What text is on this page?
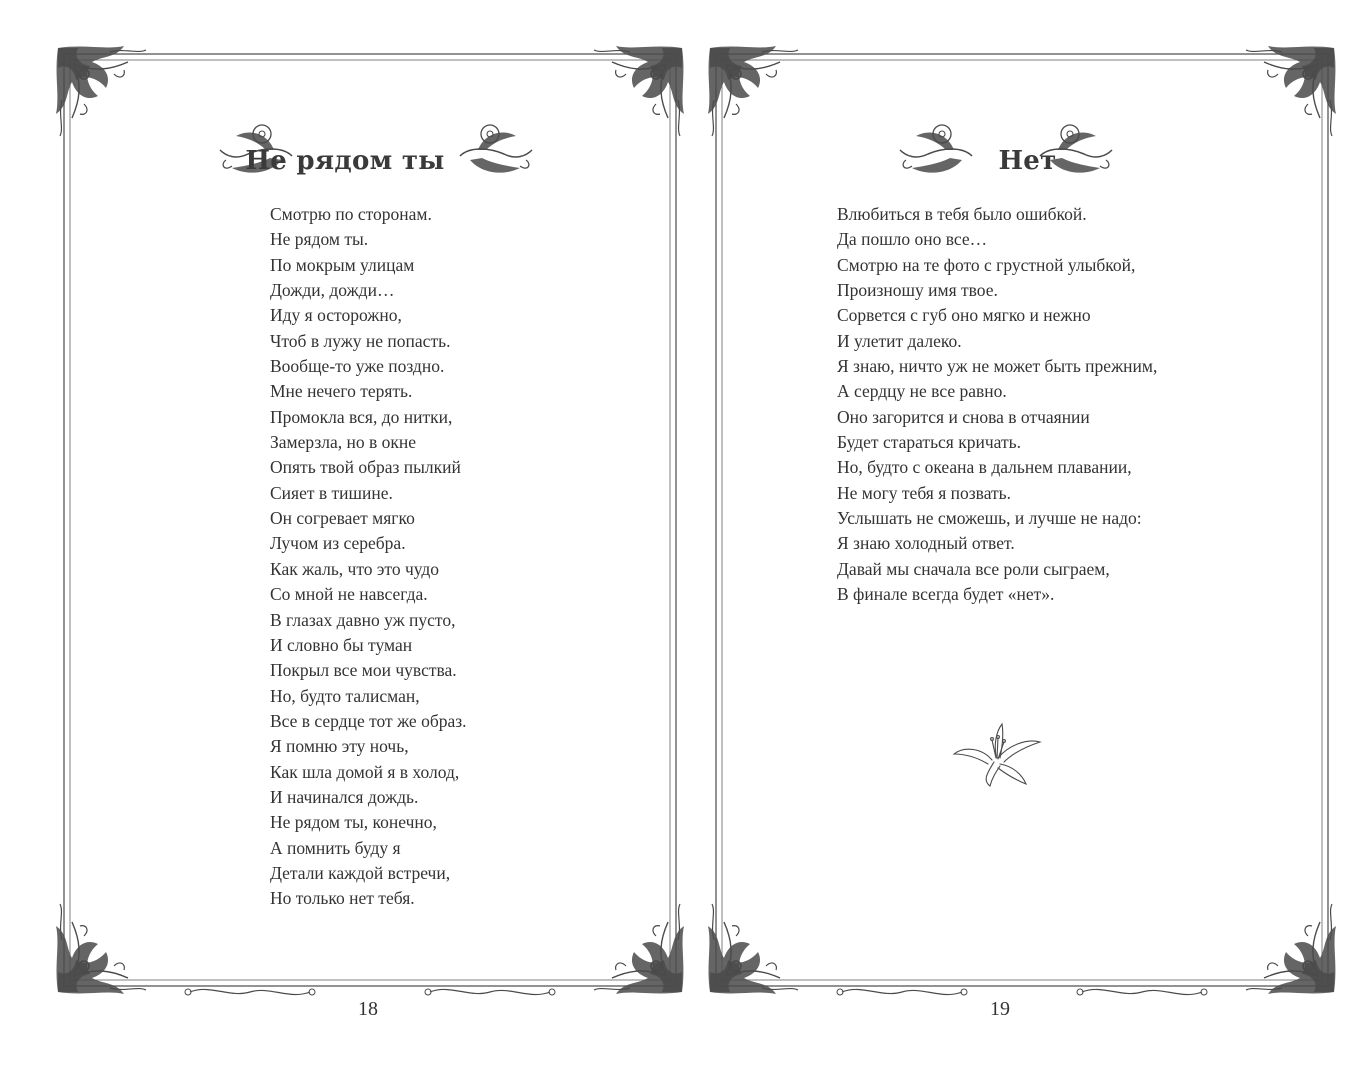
Не рядом ты
Смотрю по сторонам.
Не рядом ты.
По мокрым улицам
Дожди, дожди…
Иду я осторожно,
Чтоб в лужу не попасть.
Вообще-то уже поздно.
Мне нечего терять.
Промокла вся, до нитки,
Замерзла, но в окне
Опять твой образ пылкий
Сияет в тишине.
Он согревает мягко
Лучом из серебра.
Как жаль, что это чудо
Со мной не навсегда.
В глазах давно уж пусто,
И словно бы туман
Покрыл все мои чувства.
Но, будто талисман,
Все в сердце тот же образ.
Я помню эту ночь,
Как шла домой я в холод,
И начинался дождь.
Не рядом ты, конечно,
А помнить буду я
Детали каждой встречи,
Но только нет тебя.
18
Нет
Влюбиться в тебя было ошибкой.
Да пошло оно все…
Смотрю на те фото с грустной улыбкой,
Произношу имя твое.
Сорвется с губ оно мягко и нежно
И улетит далеко.
Я знаю, ничто уж не может быть прежним,
А сердцу не все равно.
Оно загорится и снова в отчаянии
Будет стараться кричать.
Но, будто с океана в дальнем плавании,
Не могу тебя я позвать.
Услышать не сможешь, и лучше не надо:
Я знаю холодный ответ.
Давай мы сначала все роли сыграем,
В финале всегда будет «нет».
19
